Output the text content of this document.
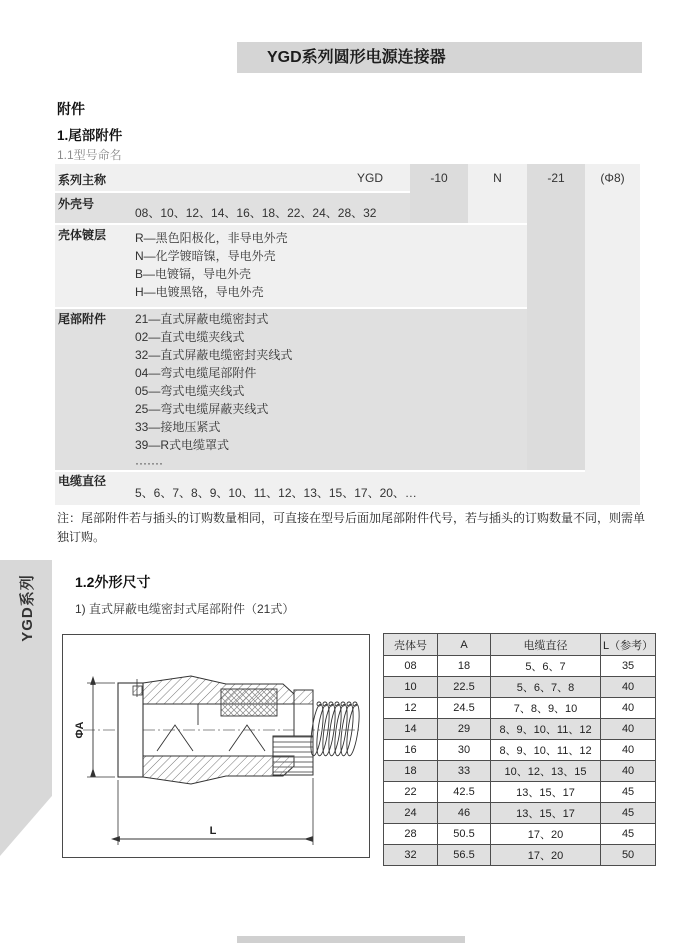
YGD系列圆形电源连接器
附件
1.尾部附件
1.1型号命名
系列主称	YGD	-10	N	-21	(Φ8)
外壳号
08、10、12、14、16、18、22、24、28、32
壳体镀层 R—黑色阳极化，非导电外壳
N—化学镀暗镍，导电外壳
B—电镀镉，导电外壳
H—电镀黑铬，导电外壳
尾部附件 21—直式屏蔽电缆密封式
02—直式电缆夹线式
32—直式屏蔽电缆密封夹线式
04—弯式电缆尾部附件
05—弯式电缆夹线式
25—弯式电缆屏蔽夹线式
33—接地压紧式
39—R式电缆罩式
·······
电缆直径
5、6、7、8、9、10、11、12、13、15、17、20、…
注：尾部附件若与插头的订购数量相同，可直接在型号后面加尾部附件代号，若与插头的订购数量不同，则需单独订购。
YGD系列	1.2外形尺寸
1) 直式屏蔽电缆密封式尾部附件（21式）
ΦA
L
壳体号	A	电缆直径	L（参考）
08	18	5、6、7	35
10	22.5	5、6、7、8	40
12	24.5	7、8、9、10	40
14	29	8、9、10、11、12	40
16	30	8、9、10、11、12	40
18	33	10、12、13、15	40
22	42.5	13、15、17	45
24	46	13、15、17	45
28	50.5	17、20	45
32	56.5	17、20	50
